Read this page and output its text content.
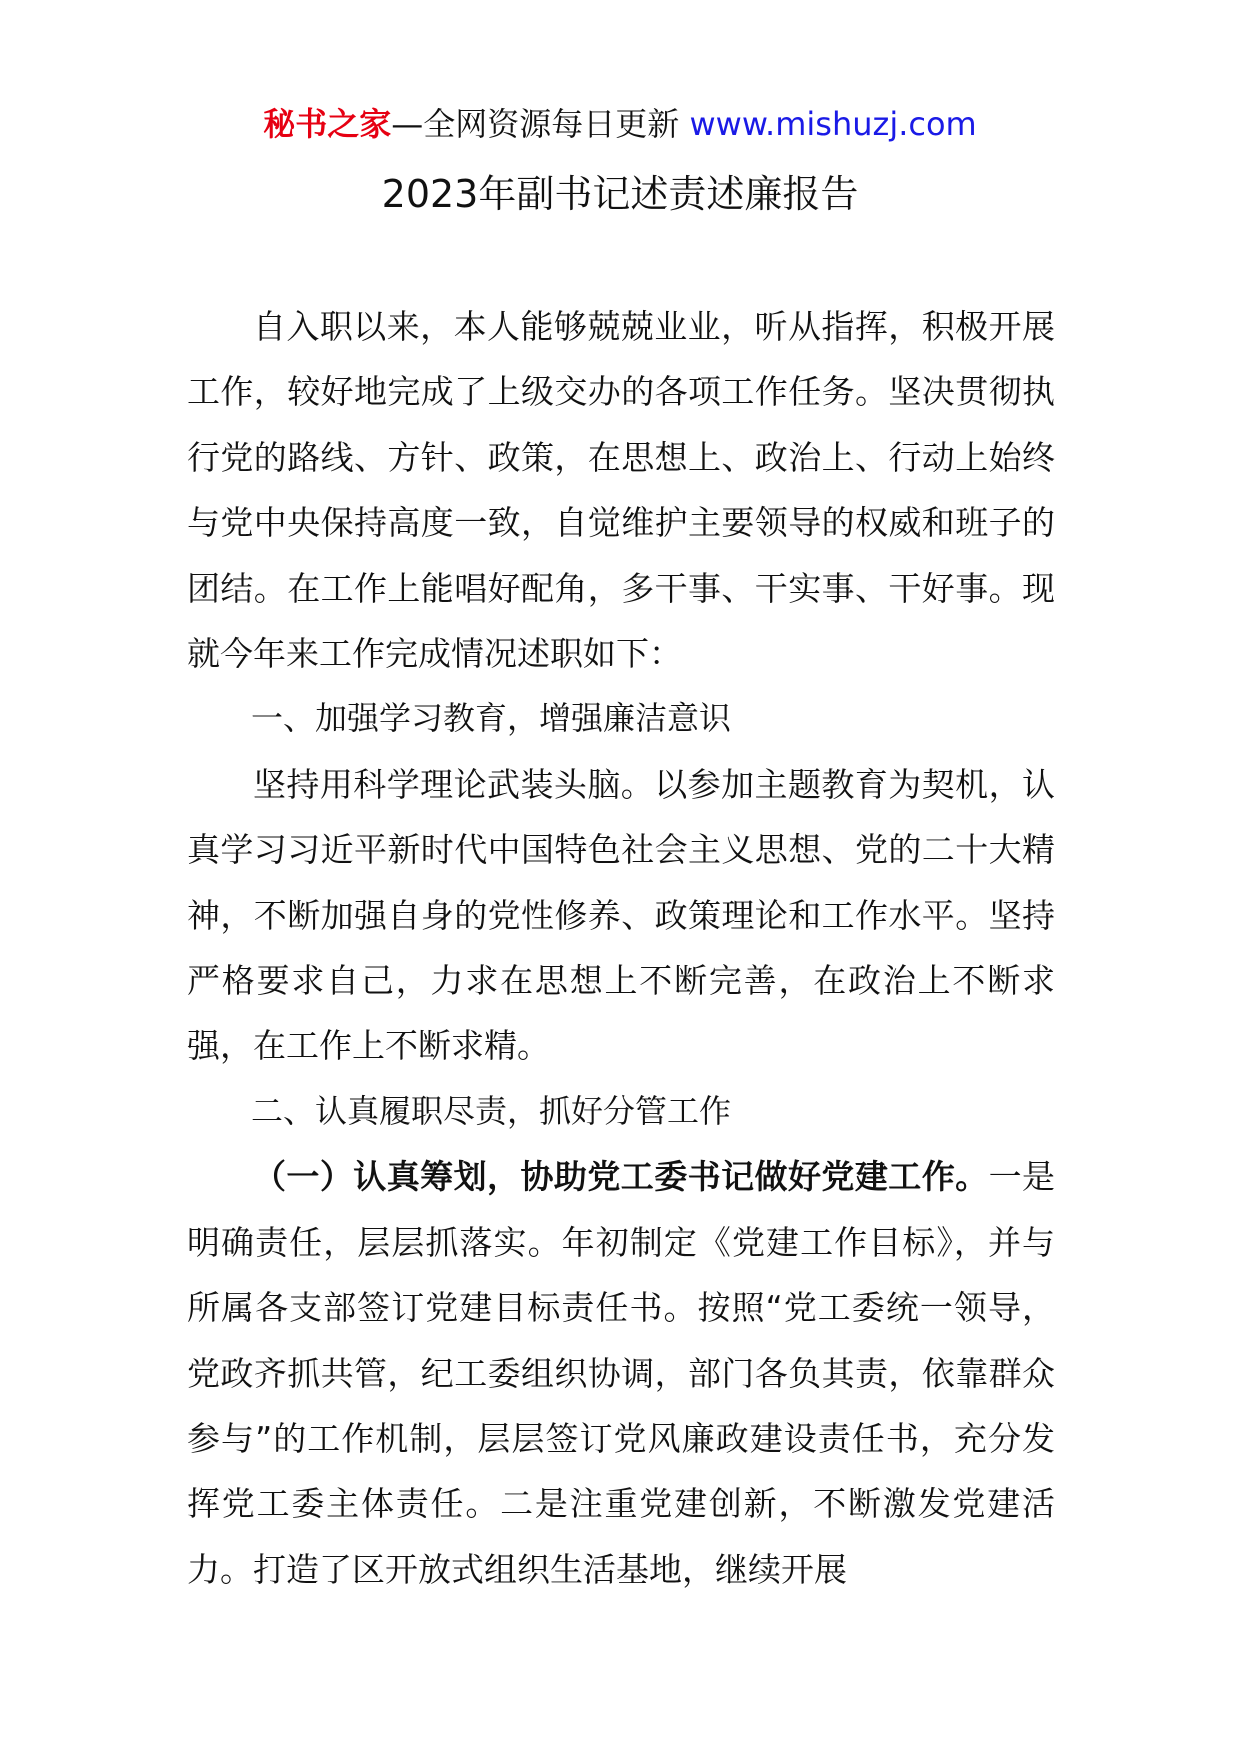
秘书之家—全网资源每日更新 www.mishuzj.com
2023年副书记述责述廉报告

自入职以来，本人能够兢兢业业，听从指挥，积极开展工作，较好地完成了上级交办的各项工作任务。坚决贯彻执行党的路线、方针、政策，在思想上、政治上、行动上始终与党中央保持高度一致，自觉维护主要领导的权威和班子的团结。在工作上能唱好配角，多干事、干实事、干好事。现就今年来工作完成情况述职如下：

一、加强学习教育，增强廉洁意识

坚持用科学理论武装头脑。以参加主题教育为契机，认真学习习近平新时代中国特色社会主义思想、党的二十大精神，不断加强自身的党性修养、政策理论和工作水平。坚持严格要求自己，力求在思想上不断完善，在政治上不断求强，在工作上不断求精。

二、认真履职尽责，抓好分管工作

（一）认真筹划，协助党工委书记做好党建工作。一是明确责任，层层抓落实。年初制定《党建工作目标》，并与所属各支部签订党建目标责任书。按照“党工委统一领导，党政齐抓共管，纪工委组织协调，部门各负其责，依靠群众参与”的工作机制，层层签订党风廉政建设责任书，充分发挥党工委主体责任。二是注重党建创新，不断激发党建活力。打造了区开放式组织生活基地，继续开展
